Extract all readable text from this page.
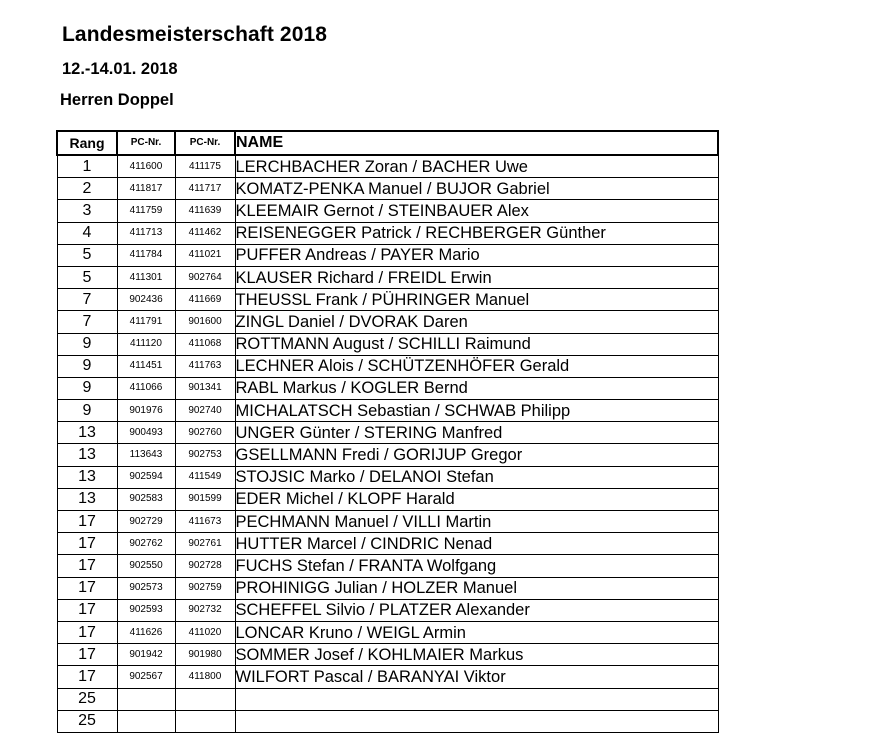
Landesmeisterschaft 2018
12.-14.01. 2018
Herren Doppel
Rang	PC-Nr.	PC-Nr.	NAME
1	411600	411175	LERCHBACHER Zoran / BACHER Uwe
2	411817	411717	KOMATZ-PENKA Manuel / BUJOR Gabriel
3	411759	411639	KLEEMAIR Gernot / STEINBAUER Alex
4	411713	411462	REISENEGGER Patrick / RECHBERGER Günther
5	411784	411021	PUFFER Andreas / PAYER Mario
5	411301	902764	KLAUSER Richard / FREIDL Erwin
7	902436	411669	THEUSSL Frank / PÜHRINGER Manuel
7	411791	901600	ZINGL Daniel / DVORAK Daren
9	411120	411068	ROTTMANN August / SCHILLI Raimund
9	411451	411763	LECHNER Alois / SCHÜTZENHÖFER Gerald
9	411066	901341	RABL Markus / KOGLER Bernd
9	901976	902740	MICHALATSCH Sebastian / SCHWAB Philipp
13	900493	902760	UNGER Günter / STERING Manfred
13	113643	902753	GSELLMANN Fredi / GORIJUP Gregor
13	902594	411549	STOJSIC Marko / DELANOI Stefan
13	902583	901599	EDER Michel / KLOPF Harald
17	902729	411673	PECHMANN Manuel / VILLI Martin
17	902762	902761	HUTTER Marcel / CINDRIC Nenad
17	902550	902728	FUCHS Stefan / FRANTA Wolfgang
17	902573	902759	PROHINIGG Julian / HOLZER Manuel
17	902593	902732	SCHEFFEL Silvio / PLATZER Alexander
17	411626	411020	LONCAR Kruno / WEIGL Armin
17	901942	901980	SOMMER Josef / KOHLMAIER Markus
17	902567	411800	WILFORT Pascal / BARANYAI Viktor
25			
25			
